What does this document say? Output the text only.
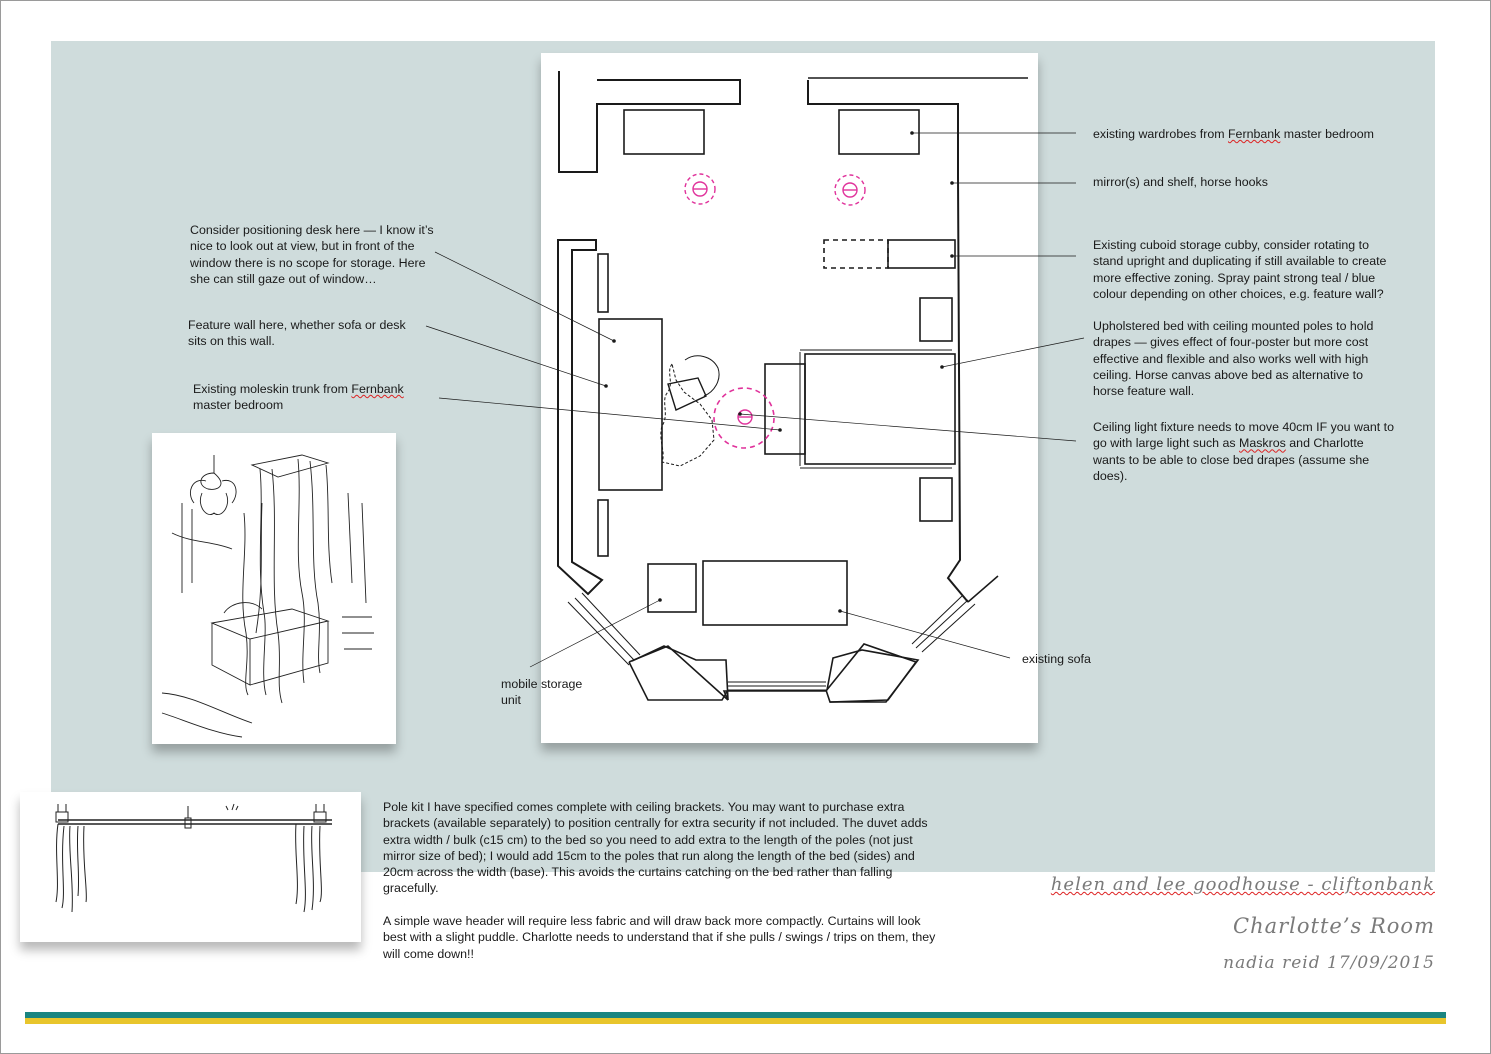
existing wardrobes from Fernbank master bedroom

mirror(s) and shelf, horse hooks

Existing cuboid storage cubby, consider rotating to stand upright and duplicating if still available to create more effective zoning. Spray paint strong teal / blue colour depending on other choices, e.g. feature wall?

Upholstered bed with ceiling mounted poles to hold drapes — gives effect of four-poster but more cost effective and flexible and also works well with high ceiling. Horse canvas above bed as alternative to horse feature wall.

Ceiling light fixture needs to move 40cm IF you want to go with large light such as Maskros and Charlotte wants to be able to close bed drapes (assume she does).

Consider positioning desk here — I know it’s nice to look out at view, but in front of the window there is no scope for storage. Here she can still gaze out of window…

Feature wall here, whether sofa or desk sits on this wall.

Existing moleskin trunk from Fernbank master bedroom

mobile storage unit

existing sofa

Pole kit I have specified comes complete with ceiling brackets. You may want to purchase extra brackets (available separately) to position centrally for extra security if not included. The duvet adds extra width / bulk (c15 cm) to the bed so you need to add extra to the length of the poles (not just mirror size of bed); I would add 15cm to the poles that run along the length of the bed (sides) and 20cm across the width (base). This avoids the curtains catching on the bed rather than falling gracefully.

A simple wave header will require less fabric and will draw back more compactly. Curtains will look best with a slight puddle. Charlotte needs to understand that if she pulls / swings / trips on them, they will come down!!

helen and lee goodhouse - cliftonbank
Charlotte’s Room
nadia reid 17/09/2015
